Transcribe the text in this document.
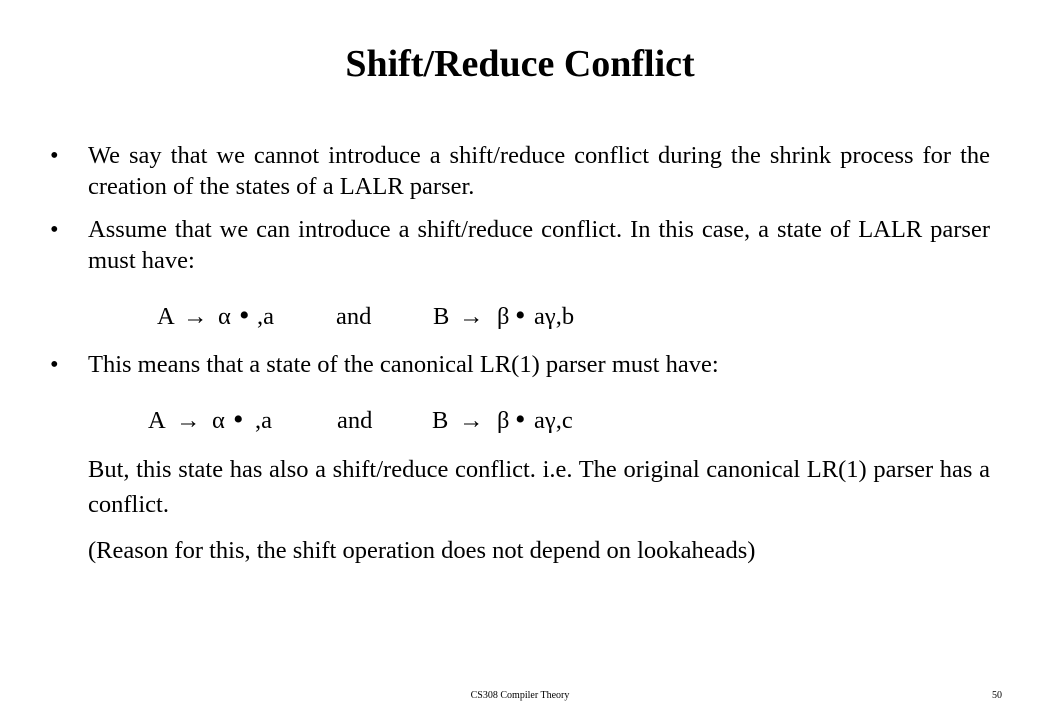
Shift/Reduce Conflict
• We say that we cannot introduce a shift/reduce conflict during the shrink process for the creation of the states of a LALR parser.
• Assume that we can introduce a shift/reduce conflict. In this case, a state of LALR parser must have:
A → α • ,a	and	B → β • aγ,b
• This means that a state of the canonical LR(1) parser must have:
A → α • ,a	and B → β • aγ,c
But, this state has also a shift/reduce conflict. i.e. The original canonical LR(1) parser has a conflict.
(Reason for this, the shift operation does not depend on lookaheads)
CS308 Compiler Theory	50
